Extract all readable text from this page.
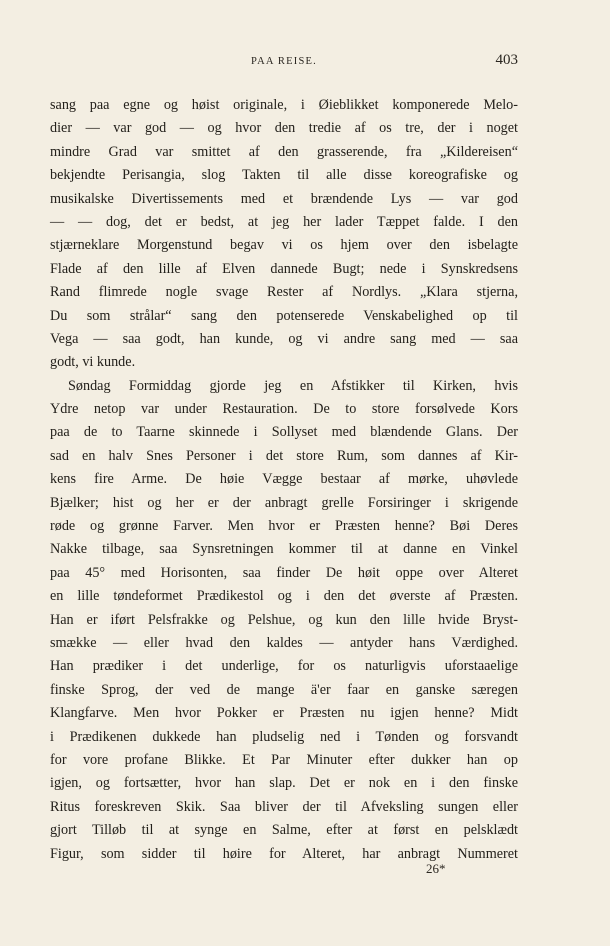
PAA REISE.	403
sang paa egne og høist originale, i Øieblikket komponerede Melo-
dier — var god — og hvor den tredie af os tre, der i noget
mindre Grad var smittet af den grasserende, fra „Kildereisen“
bekjendte Perisangia, slog Takten til alle disse koreografiske og
musikalske Divertissements med et brændende Lys — var god
— — dog, det er bedst, at jeg her lader Tæppet falde. I den
stjærneklare Morgenstund begav vi os hjem over den isbelagte
Flade af den lille af Elven dannede Bugt; nede i Synskredsens
Rand flimrede nogle svage Rester af Nordlys. „Klara stjerna,
Du som strålar“ sang den potenserede Venskabelighed op til
Vega — saa godt, han kunde, og vi andre sang med — saa
godt, vi kunde.
Søndag Formiddag gjorde jeg en Afstikker til Kirken, hvis
Ydre netop var under Restauration. De to store forsølvede Kors
paa de to Taarne skinnede i Sollyset med blændende Glans. Der
sad en halv Snes Personer i det store Rum, som dannes af Kir-
kens fire Arme. De høie Vægge bestaar af mørke, uhøvlede
Bjælker; hist og her er der anbragt grelle Forsiringer i skrigende
røde og grønne Farver. Men hvor er Præsten henne? Bøi Deres
Nakke tilbage, saa Synsretningen kommer til at danne en Vinkel
paa 45° med Horisonten, saa finder De høit oppe over Alteret
en lille tøndeformet Prædikestol og i den det øverste af Præsten.
Han er iført Pelsfrakke og Pelshue, og kun den lille hvide Bryst-
smække — eller hvad den kaldes — antyder hans Værdighed.
Han prædiker i det underlige, for os naturligvis uforstaaelige
finske Sprog, der ved de mange ä'er faar en ganske særegen
Klangfarve. Men hvor Pokker er Præsten nu igjen henne? Midt
i Prædikenen dukkede han pludselig ned i Tønden og forsvandt
for vore profane Blikke. Et Par Minuter efter dukker han op
igjen, og fortsætter, hvor han slap. Det er nok en i den finske
Ritus foreskreven Skik. Saa bliver der til Afveksling sungen eller
gjort Tilløb til at synge en Salme, efter at først en pelsklædt
Figur, som sidder til høire for Alteret, har anbragt Nummeret
26*
